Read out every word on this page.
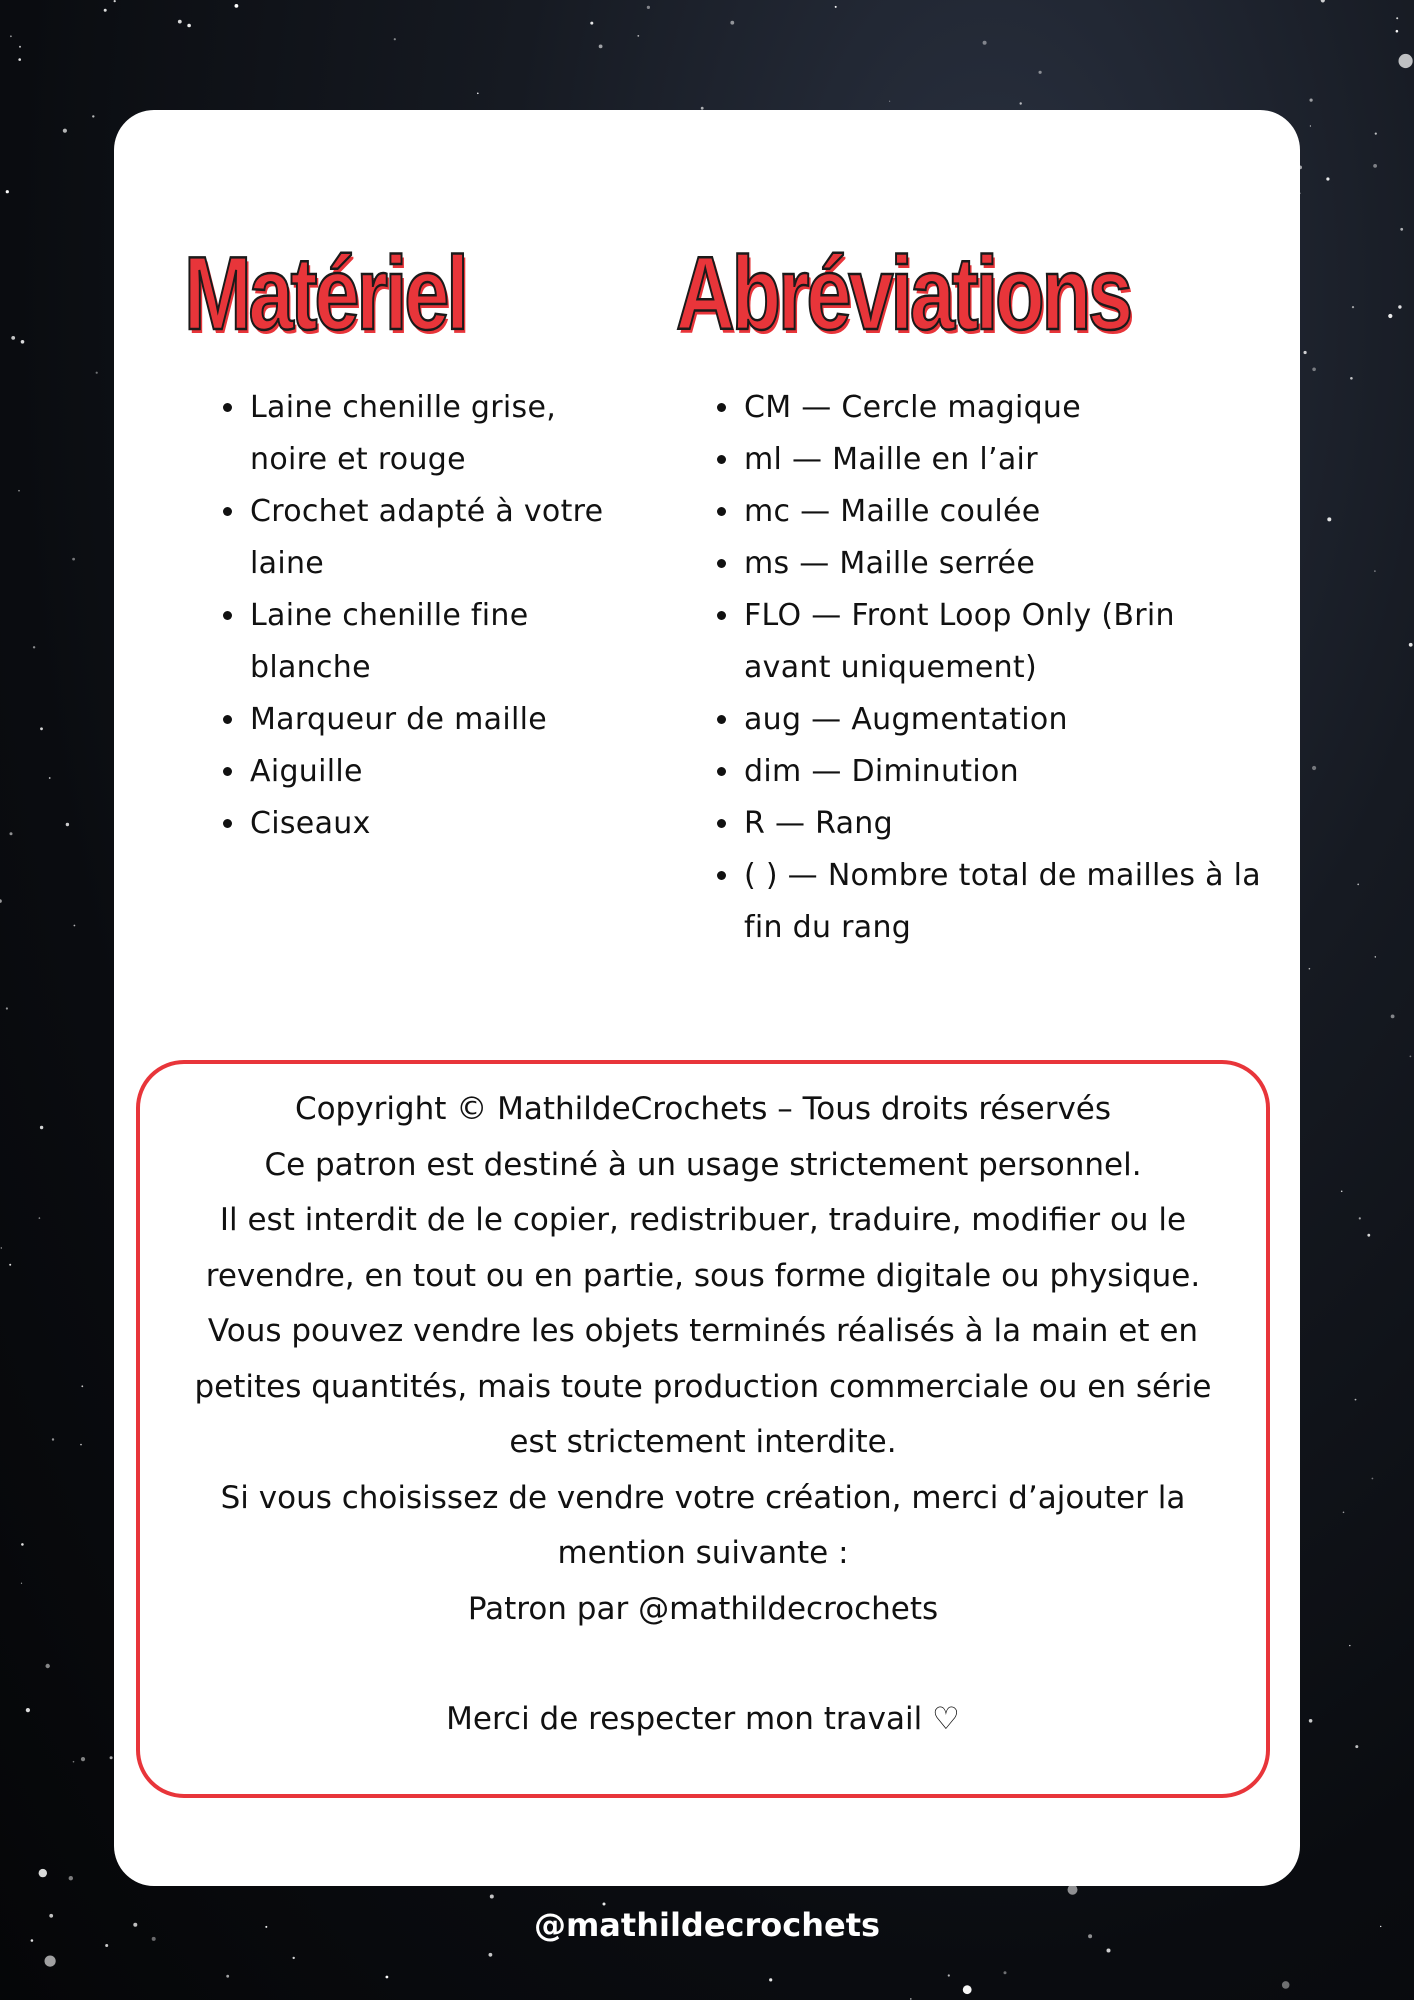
Matériel
• Laine chenille grise, noire et rouge
• Crochet adapté à votre laine
• Laine chenille fine blanche
• Marqueur de maille
• Aiguille
• Ciseaux
Abréviations
• CM — Cercle magique
• ml — Maille en l’air
• mc — Maille coulée
• ms — Maille serrée
• FLO — Front Loop Only (Brin avant uniquement)
• aug — Augmentation
• dim — Diminution
• R — Rang
• ( ) — Nombre total de mailles à la fin du rang
Copyright © MathildeCrochets – Tous droits réservés
Ce patron est destiné à un usage strictement personnel.
Il est interdit de le copier, redistribuer, traduire, modifier ou le revendre, en tout ou en partie, sous forme digitale ou physique.
Vous pouvez vendre les objets terminés réalisés à la main et en petites quantités, mais toute production commerciale ou en série est strictement interdite.
Si vous choisissez de vendre votre création, merci d’ajouter la mention suivante :
Patron par @mathildecrochets
Merci de respecter mon travail ♡
@mathildecrochets
